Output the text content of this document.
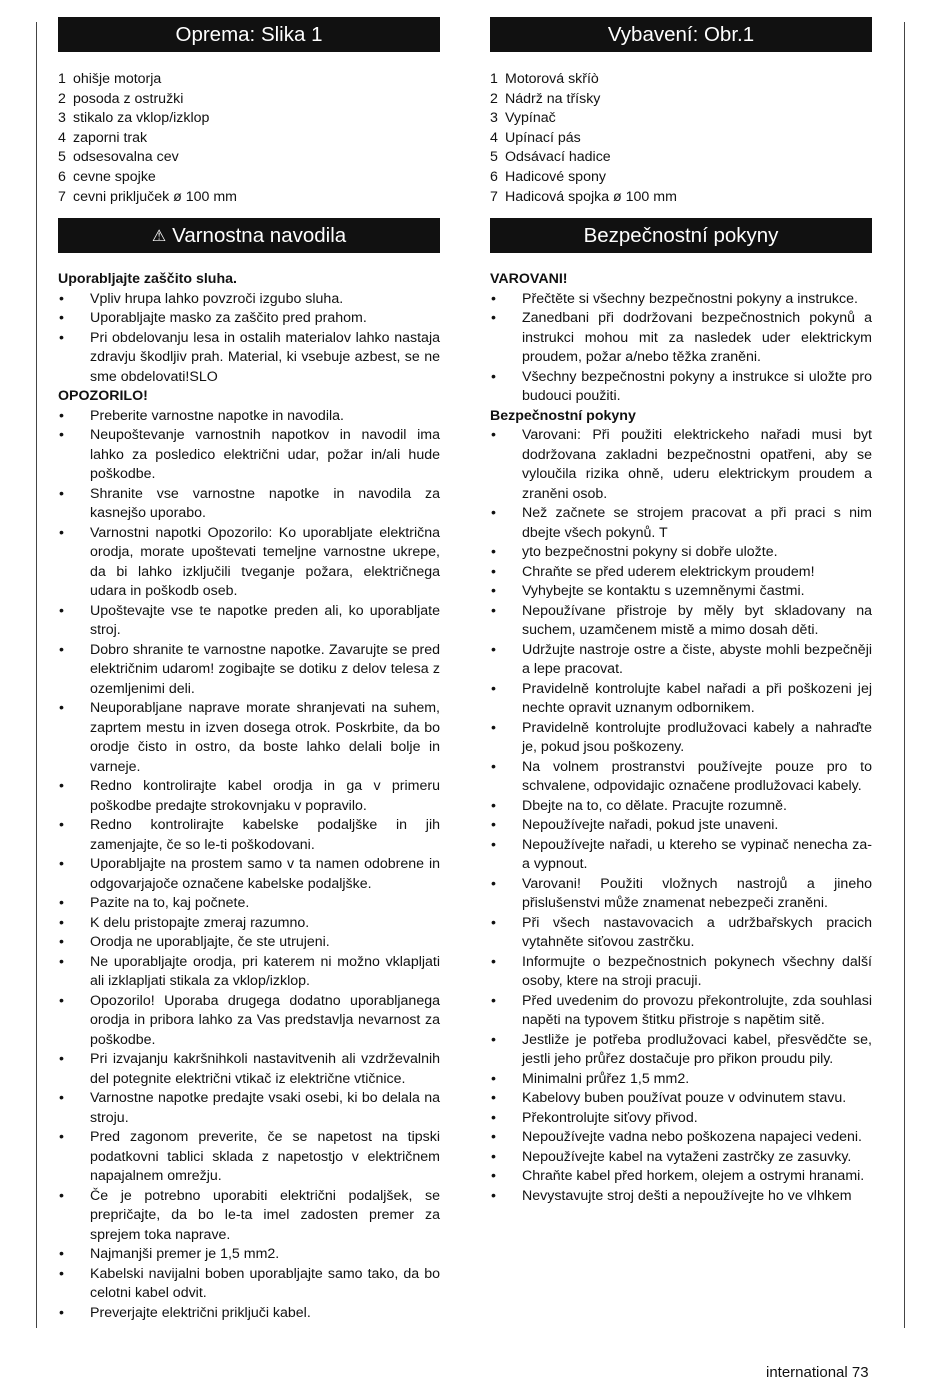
Oprema: Slika 1
1 ohišje motorja
2 posoda z ostružki
3 stikalo za vklop/izklop
4 zaporni trak
5 odsesovalna cev
6 cevne spojke
7 cevni priključek ø 100 mm
⚠ Varnostna navodila
Uporabljajte zaščito sluha.
• Vpliv hrupa lahko povzroči izgubo sluha.
• Uporabljajte masko za zaščito pred prahom.
• Pri obdelovanju lesa in ostalih materialov lahko nastaja zdravju škodljiv prah. Material, ki vsebuje azbest, se ne sme obdelovati!SLO
OPOZORILO!
• Preberite varnostne napotke in navodila.
• Neupoštevanje varnostnih napotkov in navodil ima lahko za posledico električni udar, požar in/ali hude poškodbe.
• Shranite vse varnostne napotke in navodila za kasnejšo uporabo.
• Varnostni napotki Opozorilo: Ko uporabljate električna orodja, morate upoštevati temeljne varnostne ukrepe, da bi lahko izključili tveganje požara, električnega udara in poškodb oseb.
• Upoštevajte vse te napotke preden ali, ko uporabljate stroj.
• Dobro shranite te varnostne napotke. Zavarujte se pred električnim udarom! zogibajte se dotiku z delov telesa z ozemljenimi deli.
• Neuporabljane naprave morate shranjevati na suhem, zaprtem mestu in izven dosega otrok. Poskrbite, da bo orodje čisto in ostro, da boste lahko delali bolje in varneje.
• Redno kontrolirajte kabel orodja in ga v primeru poškodbe predajte strokovnjaku v popravilo.
• Redno kontrolirajte kabelske podaljške in jih zamenjajte, če so le-ti poškodovani.
• Uporabljajte na prostem samo v ta namen odobrene in odgovarjajoče označene kabelske podaljške.
• Pazite na to, kaj počnete.
• K delu pristopajte zmeraj razumno.
• Orodja ne uporabljajte, če ste utrujeni.
• Ne uporabljajte orodja, pri katerem ni možno vklapljati ali izklapljati stikala za vklop/izklop.
• Opozorilo! Uporaba drugega dodatno uporabljanega orodja in pribora lahko za Vas predstavlja nevarnost za poškodbe.
• Pri izvajanju kakršnihkoli nastavitvenih ali vzdrževalnih del potegnite električni vtikač iz električne vtičnice.
• Varnostne napotke predajte vsaki osebi, ki bo delala na stroju.
• Pred zagonom preverite, če se napetost na tipski podatkovni tablici sklada z napetostjo v električnem napajalnem omrežju.
• Če je potrebno uporabiti električni podaljšek, se prepričajte, da bo le-ta imel zadosten premer za sprejem toka naprave.
• Najmanjši premer je 1,5 mm2.
• Kabelski navijalni boben uporabljajte samo tako, da bo celotni kabel odvit.
• Preverjajte električni priključi kabel.
Vybavení: Obr.1
1 Motorová skříò
2 Nádrž na třísky
3 Vypínač
4 Upínací pás
5 Odsávací hadice
6 Hadicové spony
7 Hadicová spojka ø 100 mm
Bezpečnostní pokyny
VAROVANI!
• Přečtěte si všechny bezpečnostni pokyny a instrukce.
• Zanedbani při dodržovani bezpečnostnich pokynů a instrukci mohou mit za nasledek uder elektrickym proudem, požar a/nebo těžka zraněni.
• Všechny bezpečnostni pokyny a instrukce si uložte pro budouci použiti.
Bezpečnostní pokyny
• Varovani: Při použiti elektrickeho nařadi musi byt dodržovana zakladni bezpečnostni opatřeni, aby se vyloučila rizika ohně, uderu elektrickym proudem a zraněni osob.
• Než začnete se strojem pracovat a při praci s nim dbejte všech pokynů. T
• yto bezpečnostni pokyny si dobře uložte.
• Chraňte se před uderem elektrickym proudem!
• Vyhybejte se kontaktu s uzemněnymi častmi.
• Nepoužívane přistroje by měly byt skladovany na suchem, uzamčenem mistě a mimo dosah děti.
• Udržujte nastroje ostre a čiste, abyste mohli bezpečněji a lepe pracovat.
• Pravidelně kontrolujte kabel nařadi a při poškozeni jej nechte opravit uznanym odbornikem.
• Pravidelně kontrolujte prodlužovaci kabely a nahraďte je, pokud jsou poškozeny.
• Na volnem prostranstvi používejte pouze pro to schvalene, odpovidajic označene prodlužovaci kabely.
• Dbejte na to, co dělate. Pracujte rozumně.
• Nepoužívejte nařadi, pokud jste unaveni.
• Nepoužívejte nařadi, u ktereho se vypinač nenecha za- a vypnout.
• Varovani! Použiti vložnych nastrojů a jineho přislušenstvi může znamenat nebezpeči zraněni.
• Při všech nastavovacich a udržbařskych pracich vytahněte siťovou zastrčku.
• Informujte o bezpečnostnich pokynech všechny další osoby, ktere na stroji pracuji.
• Před uvedenim do provozu překontrolujte, zda souhlasi napěti na typovem štitku přistroje s napětim sitě.
• Jestliže je potřeba prodlužovaci kabel, přesvědčte se, jestli jeho průřez dostačuje pro přikon proudu pily.
• Minimalni průřez 1,5 mm2.
• Kabelovy buben používat pouze v odvinutem stavu.
• Překontrolujte siťovy přivod.
• Nepoužívejte vadna nebo poškozena napajeci vedeni.
• Nepoužívejte kabel na vytaženi zastrčky ze zasuvky.
• Chraňte kabel před horkem, olejem a ostrymi hranami.
• Nevystavujte stroj dešti a nepoužívejte ho ve vlhkem
international 73
